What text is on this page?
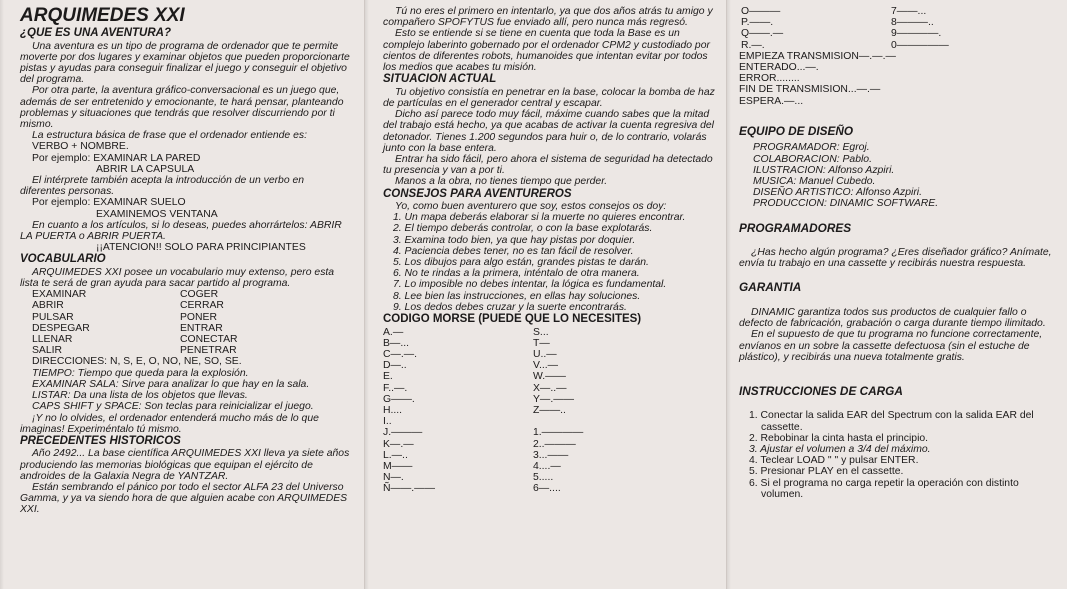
ARQUIMEDES XXI
¿QUE ES UNA AVENTURA?

Una aventura es un tipo de programa de ordenador que te permite moverte por dos lugares y examinar objetos que pueden proporcionarte pistas y ayudas para conseguir finalizar el juego y conseguir el objetivo del programa.

Por otra parte, la aventura gráfico-conversacional es un juego que, además de ser entretenido y emocionante, te hará pensar, planteando problemas y situaciones que tendrás que resolver discurriendo por ti mismo.

La estructura básica de frase que el ordenador entiende es:

VERBO + NOMBRE.

Por ejemplo: EXAMINAR LA PARED

ABRIR LA CAPSULA

El intérprete también acepta la introducción de un verbo en diferentes personas.

Por ejemplo: EXAMINAR SUELO

EXAMINEMOS VENTANA

En cuanto a los artículos, si lo deseas, puedes ahorrártelos: ABRIR LA PUERTA o ABRIR PUERTA.

¡¡ATENCION!! SOLO PARA PRINCIPIANTES

VOCABULARIO

ARQUIMEDES XXI posee un vocabulario muy extenso, pero esta lista te será de gran ayuda para sacar partido al programa.

EXAMINAR	COGER
ABRIR	CERRAR
PULSAR	PONER
DESPEGAR	ENTRAR
LLENAR	CONECTAR
SALIR	PENETRAR

DIRECCIONES: N, S, E, O, NO, NE, SO, SE.

TIEMPO: Tiempo que queda para la explosión.

EXAMINAR SALA: Sirve para analizar lo que hay en la sala.

LISTAR: Da una lista de los objetos que llevas.

CAPS SHIFT y SPACE: Son teclas para reinicializar el juego.

¡Y no lo olvides, el ordenador entenderá mucho más de lo que imaginas! Experiméntalo tú mismo.

PRECEDENTES HISTORICOS

Año 2492... La base científica ARQUIMEDES XXI lleva ya siete años produciendo las memorias biológicas que equipan el ejército de androides de la Galaxia Negra de YANTZAR.

Están sembrando el pánico por todo el sector ALFA 23 del Universo Gamma, y ya va siendo hora de que alguien acabe con ARQUIMEDES XXI.

Tú no eres el primero en intentarlo, ya que dos años atrás tu amigo y compañero SPOFYTUS fue enviado allí, pero nunca más regresó.

Esto se entiende si se tiene en cuenta que toda la Base es un complejo laberinto gobernado por el ordenador CPM2 y custodiado por cientos de diferentes robots, humanoides que intentan evitar por todos los medios que acabes tu misión.

SITUACION ACTUAL

Tu objetivo consistía en penetrar en la base, colocar la bomba de haz de partículas en el generador central y escapar.

Dicho así parece todo muy fácil, máxime cuando sabes que la mitad del trabajo está hecho, ya que acabas de activar la cuenta regresiva del detonador. Tienes 1.200 segundos para huir o, de lo contrario, volarás junto con la base entera.

Entrar ha sido fácil, pero ahora el sistema de seguridad ha detectado tu presencia y van a por ti.

Manos a la obra, no tienes tiempo que perder.

CONSEJOS PARA AVENTUREROS

Yo, como buen aventurero que soy, estos consejos os doy:

1. Un mapa deberás elaborar si la muerte no quieres encontrar.
2. El tiempo deberás controlar, o con la base explotarás.
3. Examina todo bien, ya que hay pistas por doquier.
4. Paciencia debes tener, no es tan fácil de resolver.
5. Los dibujos para algo están, grandes pistas te darán.
6. No te rindas a la primera, inténtalo de otra manera.
7. Lo imposible no debes intentar, la lógica es fundamental.
8. Lee bien las instrucciones, en ellas hay soluciones.
9. Los dedos debes cruzar y la suerte encontrarás.
CODIGO MORSE (PUEDE QUE LO NECESITES)
A.—	S...
B—...	T—
C—.—.	U..—
D—..	V...—
E.	W.——
F..—.	X—..—
G——.	Y—.——
H....	Z——..
I..
J.———	1.————
K—.—	2..———
L.—..	3...——
M——	4....—
N—.	5.....
Ñ——.——	6—....
O———	7——...
P.——.	8———..
Q——.—	9————.
R.—.	0—————

EMPIEZA TRANSMISION—.—.—

ENTERADO...—.

ERROR........

FIN DE TRANSMISION...—.—

ESPERA.—...

EQUIPO DE DISEÑO

PROGRAMADOR: Egroj.

COLABORACION: Pablo.

ILUSTRACION: Alfonso Azpiri.

MUSICA: Manuel Cubedo.

DISEÑO ARTISTICO: Alfonso Azpiri.

PRODUCCION: DINAMIC SOFTWARE.

PROGRAMADORES

¿Has hecho algún programa? ¿Eres diseñador gráfico? Anímate, envía tu trabajo en una cassette y recibirás nuestra respuesta.

GARANTIA

DINAMIC garantiza todos sus productos de cualquier fallo o defecto de fabricación, grabación o carga durante tiempo ilimitado.

En el supuesto de que tu programa no funcione correctamente, envíanos en un sobre la cassette defectuosa (sin el estuche de plástico), y recibirás una nueva totalmente gratis.

INSTRUCCIONES DE CARGA
1. Conectar la salida EAR del Spectrum con la salida EAR del cassette.
2. Rebobinar la cinta hasta el principio.
3. Ajustar el volumen a 3/4 del máximo.
4. Teclear LOAD " " y pulsar ENTER.
5. Presionar PLAY en el cassette.
6. Si el programa no carga repetir la operación con distinto volumen.
